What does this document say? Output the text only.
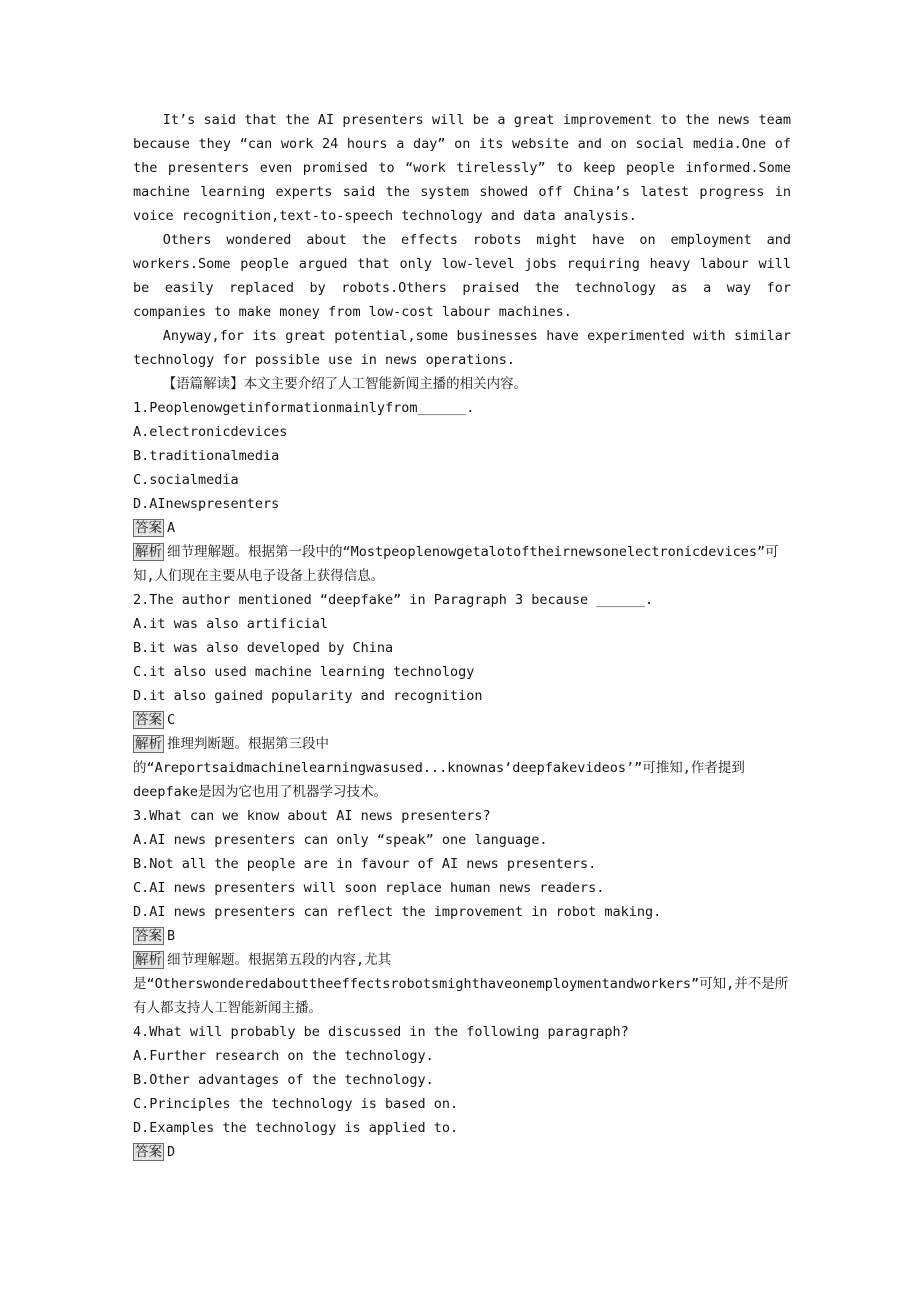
It’s said that the AI presenters will be a great improvement to the news team because they “can work 24 hours a day” on its website and on social media.One of the presenters even promised to “work tirelessly” to keep people informed.Some machine learning experts said the system showed off China’s latest progress in voice recognition,text-to-speech technology and data analysis.

Others wondered about the effects robots might have on employment and workers.Some people argued that only low-level jobs requiring heavy labour will be easily replaced by robots.Others praised the technology as a way for companies to make money from low-cost labour machines.

Anyway,for its great potential,some businesses have experimented with similar technology for possible use in news operations.

【语篇解读】本文主要介绍了人工智能新闻主播的相关内容。

1.Peoplenowgetinformationmainlyfrom______.
A.electronicdevices
B.traditionalmedia
C.socialmedia
D.AInewspresenters
答案 A
解析 细节理解题。根据第一段中的“Mostpeoplenowgetalotoftheirnewsonelectronicdevices”可知,人们现在主要从电子设备上获得信息。
2.The author mentioned “deepfake” in Paragraph 3 because ______.
A.it was also artificial
B.it was also developed by China
C.it also used machine learning technology
D.it also gained popularity and recognition
答案 C
解析 推理判断题。根据第三段中的“Areportsaidmachinelearningwasused...knownas‘deepfakevideos’”可推知,作者提到deepfake是因为它也用了机器学习技术。
3.What can we know about AI news presenters?
A.AI news presenters can only “speak” one language.
B.Not all the people are in favour of AI news presenters.
C.AI news presenters will soon replace human news readers.
D.AI news presenters can reflect the improvement in robot making.
答案 B
解析 细节理解题。根据第五段的内容,尤其是“Otherswonderedabouttheeffectsrobotsmighthaveonemploymentandworkers”可知,并不是所有人都支持人工智能新闻主播。
4.What will probably be discussed in the following paragraph?
A.Further research on the technology.
B.Other advantages of the technology.
C.Principles the technology is based on.
D.Examples the technology is applied to.
答案 D
